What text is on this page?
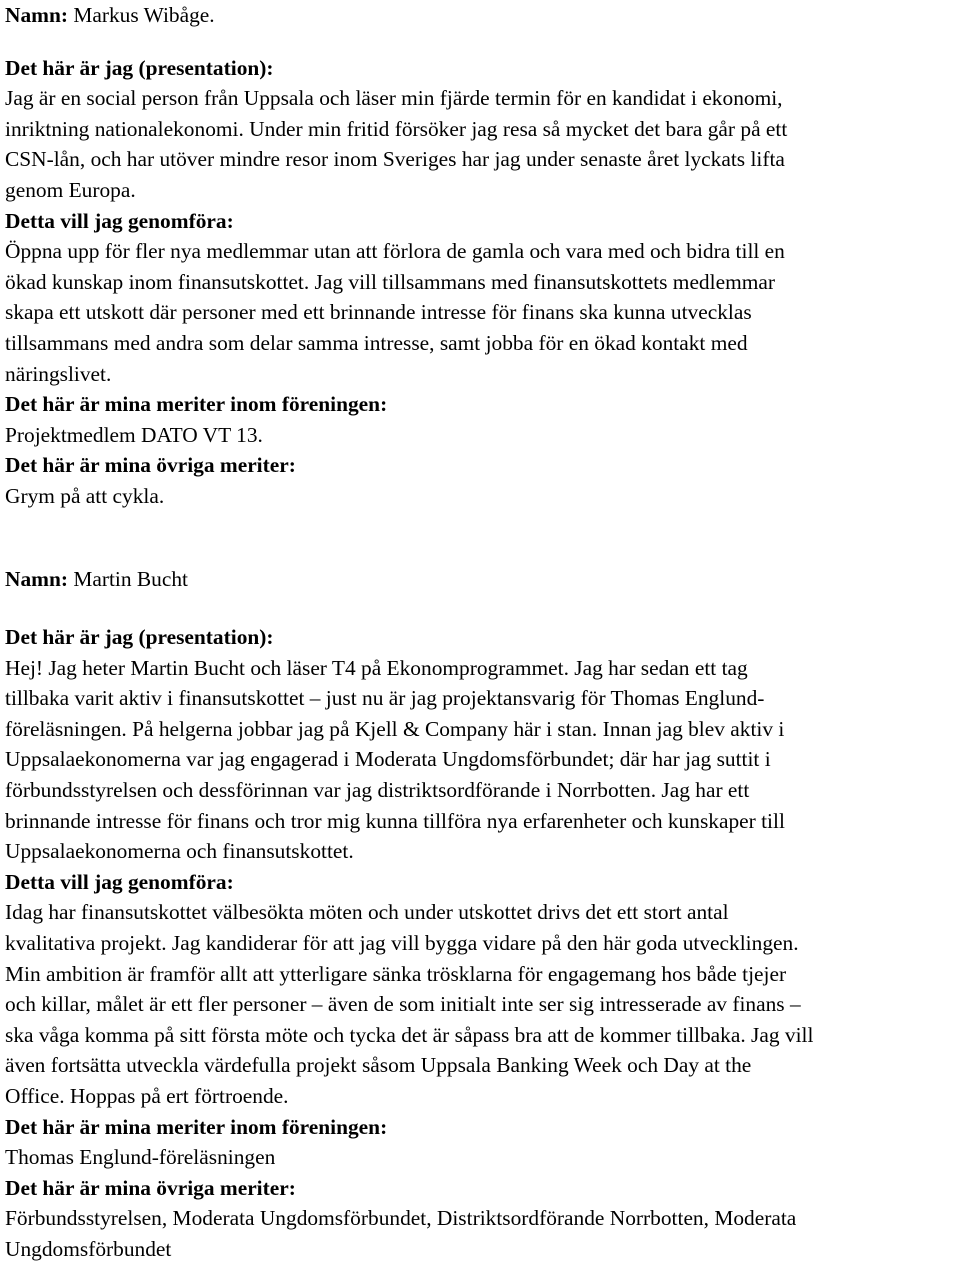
Namn: Markus Wibåge.
Det här är jag (presentation):
Jag är en social person från Uppsala och läser min fjärde termin för en kandidat i ekonomi,
inriktning nationalekonomi. Under min fritid försöker jag resa så mycket det bara går på ett
CSN-lån, och har utöver mindre resor inom Sveriges har jag under senaste året lyckats lifta
genom Europa.
Detta vill jag genomföra:
Öppna upp för fler nya medlemmar utan att förlora de gamla och vara med och bidra till en
ökad kunskap inom finansutskottet. Jag vill tillsammans med finansutskottets medlemmar
skapa ett utskott där personer med ett brinnande intresse för finans ska kunna utvecklas
tillsammans med andra som delar samma intresse, samt jobba för en ökad kontakt med
näringslivet.
Det här är mina meriter inom föreningen:
Projektmedlem DATO VT 13.
Det här är mina övriga meriter:
Grym på att cykla.
Namn: Martin Bucht
Det här är jag (presentation):
Hej! Jag heter Martin Bucht och läser T4 på Ekonomprogrammet. Jag har sedan ett tag
tillbaka varit aktiv i finansutskottet – just nu är jag projektansvarig för Thomas Englund-
föreläsningen. På helgerna jobbar jag på Kjell & Company här i stan. Innan jag blev aktiv i
Uppsalaekonomerna var jag engagerad i Moderata Ungdomsförbundet; där har jag suttit i
förbundsstyrelsen och dessförinnan var jag distriktsordförande i Norrbotten. Jag har ett
brinnande intresse för finans och tror mig kunna tillföra nya erfarenheter och kunskaper till
Uppsalaekonomerna och finansutskottet.
Detta vill jag genomföra:
Idag har finansutskottet välbesökta möten och under utskottet drivs det ett stort antal
kvalitativa projekt. Jag kandiderar för att jag vill bygga vidare på den här goda utvecklingen.
Min ambition är framför allt att ytterligare sänka trösklarna för engagemang hos både tjejer
och killar, målet är ett fler personer – även de som initialt inte ser sig intresserade av finans –
ska våga komma på sitt första möte och tycka det är såpass bra att de kommer tillbaka. Jag vill
även fortsätta utveckla värdefulla projekt såsom Uppsala Banking Week och Day at the
Office. Hoppas på ert förtroende.
Det här är mina meriter inom föreningen:
Thomas Englund-föreläsningen
Det här är mina övriga meriter:
Förbundsstyrelsen, Moderata Ungdomsförbundet, Distriktsordförande Norrbotten, Moderata
Ungdomsförbundet
